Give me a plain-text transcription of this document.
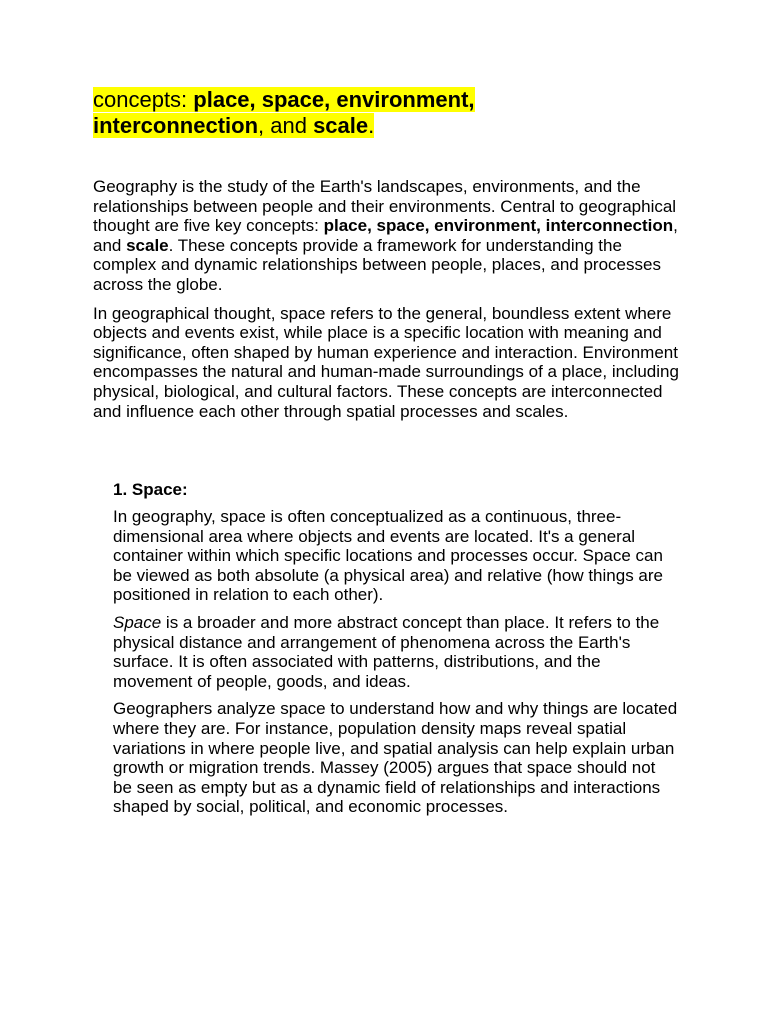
concepts: place, space, environment, interconnection, and scale.

Geography is the study of the Earth's landscapes, environments, and the relationships between people and their environments. Central to geographical thought are five key concepts: place, space, environment, interconnection, and scale. These concepts provide a framework for understanding the complex and dynamic relationships between people, places, and processes across the globe.

In geographical thought, space refers to the general, boundless extent where objects and events exist, while place is a specific location with meaning and significance, often shaped by human experience and interaction. Environment encompasses the natural and human-made surroundings of a place, including physical, biological, and cultural factors. These concepts are interconnected and influence each other through spatial processes and scales.

1. Space:

In geography, space is often conceptualized as a continuous, three-dimensional area where objects and events are located. It's a general container within which specific locations and processes occur. Space can be viewed as both absolute (a physical area) and relative (how things are positioned in relation to each other).

Space is a broader and more abstract concept than place. It refers to the physical distance and arrangement of phenomena across the Earth's surface. It is often associated with patterns, distributions, and the movement of people, goods, and ideas.

Geographers analyze space to understand how and why things are located where they are. For instance, population density maps reveal spatial variations in where people live, and spatial analysis can help explain urban growth or migration trends. Massey (2005) argues that space should not be seen as empty but as a dynamic field of relationships and interactions shaped by social, political, and economic processes.
